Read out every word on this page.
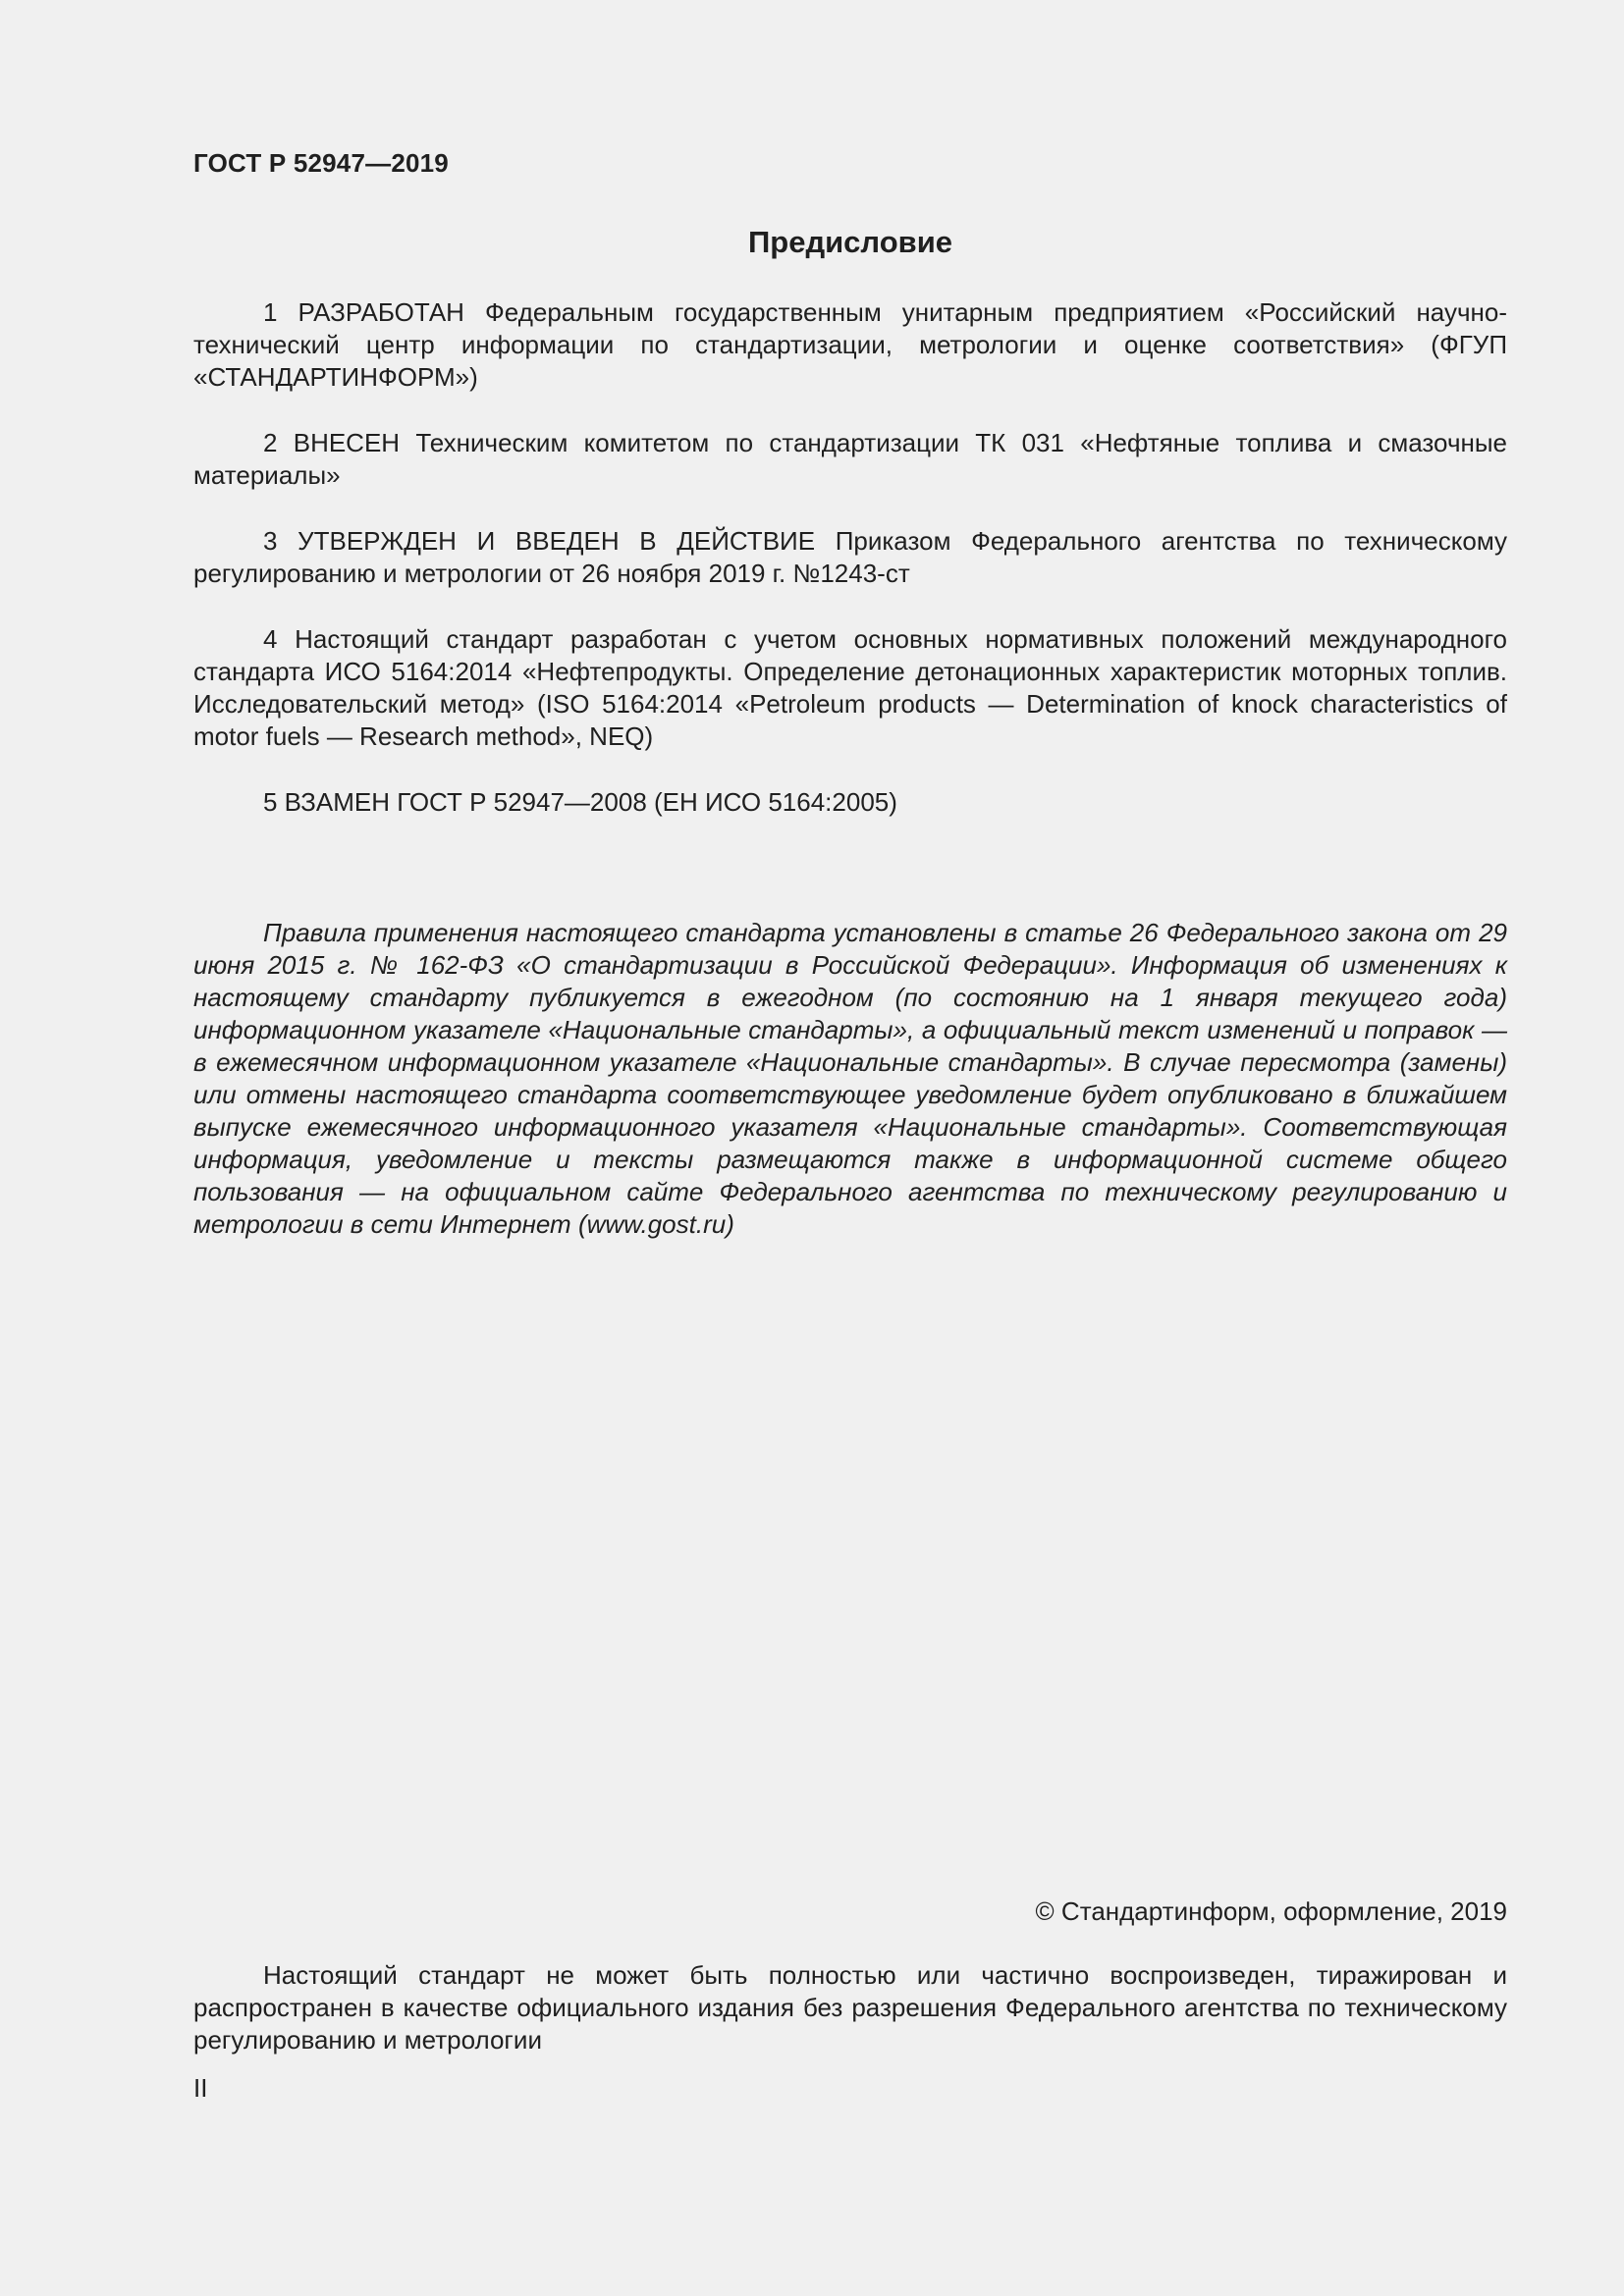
ГОСТ Р 52947—2019
Предисловие

1 РАЗРАБОТАН Федеральным государственным унитарным предприятием «Российский научно-технический центр информации по стандартизации, метрологии и оценке соответствия» (ФГУП «СТАНДАРТИНФОРМ»)

2 ВНЕСЕН Техническим комитетом по стандартизации ТК 031 «Нефтяные топлива и смазочные материалы»

3 УТВЕРЖДЕН И ВВЕДЕН В ДЕЙСТВИЕ Приказом Федерального агентства по техническому регулированию и метрологии от 26 ноября 2019 г. №1243-ст

4 Настоящий стандарт разработан с учетом основных нормативных положений международного стандарта ИСО 5164:2014 «Нефтепродукты. Определение детонационных характеристик моторных топлив. Исследовательский метод» (ISO 5164:2014 «Petroleum products — Determination of knock characteristics of motor fuels — Research method», NEQ)

5 ВЗАМЕН ГОСТ Р 52947—2008 (ЕН ИСО 5164:2005)

Правила применения настоящего стандарта установлены в статье 26 Федерального закона от 29 июня 2015 г. № 162-ФЗ «О стандартизации в Российской Федерации». Информация об изменениях к настоящему стандарту публикуется в ежегодном (по состоянию на 1 января текущего года) информационном указателе «Национальные стандарты», а официальный текст изменений и поправок — в ежемесячном информационном указателе «Национальные стандарты». В случае пересмотра (замены) или отмены настоящего стандарта соответствующее уведомление будет опубликовано в ближайшем выпуске ежемесячного информационного указателя «Национальные стандарты». Соответствующая информация, уведомление и тексты размещаются также в информационной системе общего пользования — на официальном сайте Федерального агентства по техническому регулированию и метрологии в сети Интернет (www.gost.ru)

© Стандартинформ, оформление, 2019

Настоящий стандарт не может быть полностью или частично воспроизведен, тиражирован и распространен в качестве официального издания без разрешения Федерального агентства по техническому регулированию и метрологии

II
